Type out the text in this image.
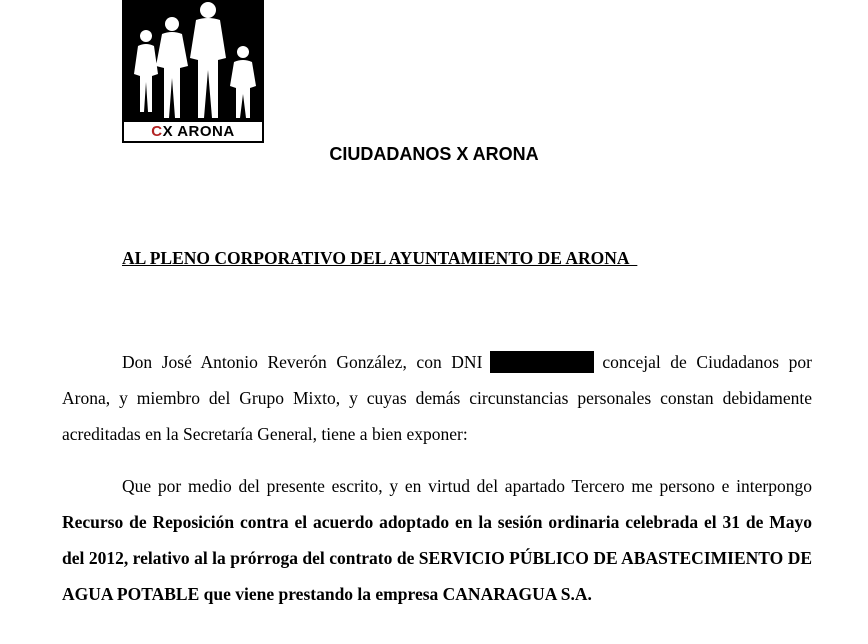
CX ARONA
CIUDADANOS X ARONA
AL PLENO CORPORATIVO DEL AYUNTAMIENTO DE ARONA

Don José Antonio Reverón González, con DNI	concejal de Ciudadanos por Arona, y miembro del Grupo Mixto, y cuyas demás circunstancias personales constan debidamente acreditadas en la Secretaría General, tiene a bien exponer:

Que por medio del presente escrito, y en virtud del apartado Tercero me persono e interpongo Recurso de Reposición contra el acuerdo adoptado en la sesión ordinaria celebrada el 31 de Mayo del 2012, relativo al la prórroga del contrato de SERVICIO PÚBLICO DE ABASTECIMIENTO DE AGUA POTABLE que viene prestando la empresa CANARAGUA S.A.
